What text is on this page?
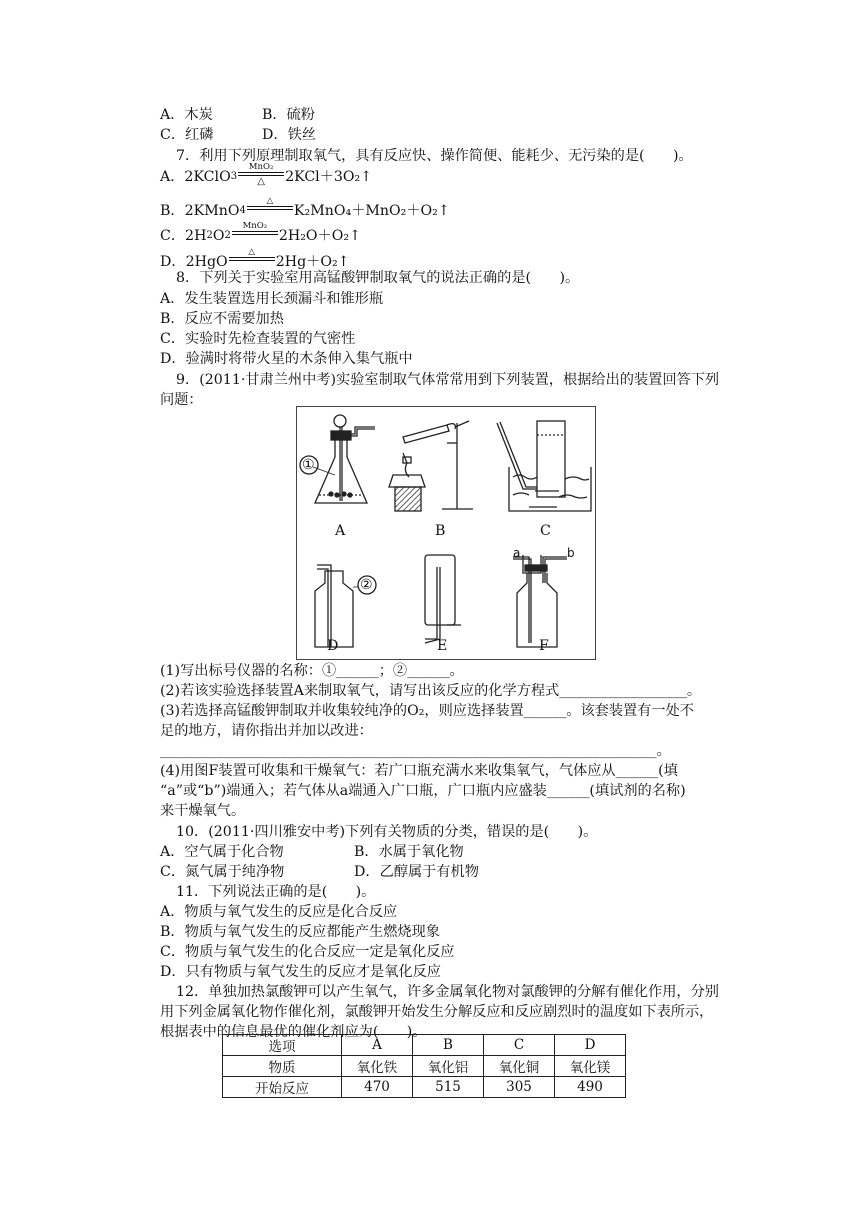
A．木炭	B．硫粉
C．红磷	D．铁丝
7．利用下列原理制取氧气，具有反应快、操作简便、能耗少、无污染的是(　　)。
A．2KClO 3
MnO₂
△ 2KCl＋3O₂↑
B．2KMnO 4
△
K₂MnO₄＋MnO₂＋O₂↑
C．2H 2 O 2
MnO₂
2H₂O＋O₂↑
D．2HgO
△
2Hg＋O₂↑
8．下列关于实验室用高锰酸钾制取氧气的说法正确的是(　　)。
A．发生装置选用长颈漏斗和锥形瓶
B．反应不需要加热
C．实验时先检查装置的气密性
D．验满时将带火星的木条伸入集气瓶中
9．(2011·甘肃兰州中考)实验室制取气体常常用到下列装置，根据给出的装置回答下列
问题：
①
A	B	C
②
D	E	F
a	b
(1)写出标号仪器的名称：①______；②______。
(2)若该实验选择装置A来制取氧气，请写出该反应的化学方程式__________________。
(3)若选择高锰酸钾制取并收集较纯净的O₂，则应选择装置______。该套装置有一处不
足的地方，请你指出并加以改进：
______________________________________________________________________。
(4)用图F装置可收集和干燥氧气：若广口瓶充满水来收集氧气，气体应从______(填
“a”或“b”)端通入；若气体从a端通入广口瓶，广口瓶内应盛装______(填试剂的名称)
来干燥氧气。
10．(2011·四川雅安中考)下列有关物质的分类，错误的是(　　)。
A．空气属于化合物	B．水属于氧化物
C．氮气属于纯净物	D．乙醇属于有机物
11．下列说法正确的是(　　)。
A．物质与氧气发生的反应是化合反应
B．物质与氧气发生的反应都能产生燃烧现象
C．物质与氧气发生的化合反应一定是氧化反应
D．只有物质与氧气发生的反应才是氧化反应
12．单独加热氯酸钾可以产生氧气，许多金属氧化物对氯酸钾的分解有催化作用，分别
用下列金属氧化物作催化剂，氯酸钾开始发生分解反应和反应剧烈时的温度如下表所示，
根据表中的信息最优的催化剂应为(　　)。
选项	A	B	C	D
物质	氧化铁	氧化铝	氧化铜	氧化镁
开始反应	470	515	305	490
